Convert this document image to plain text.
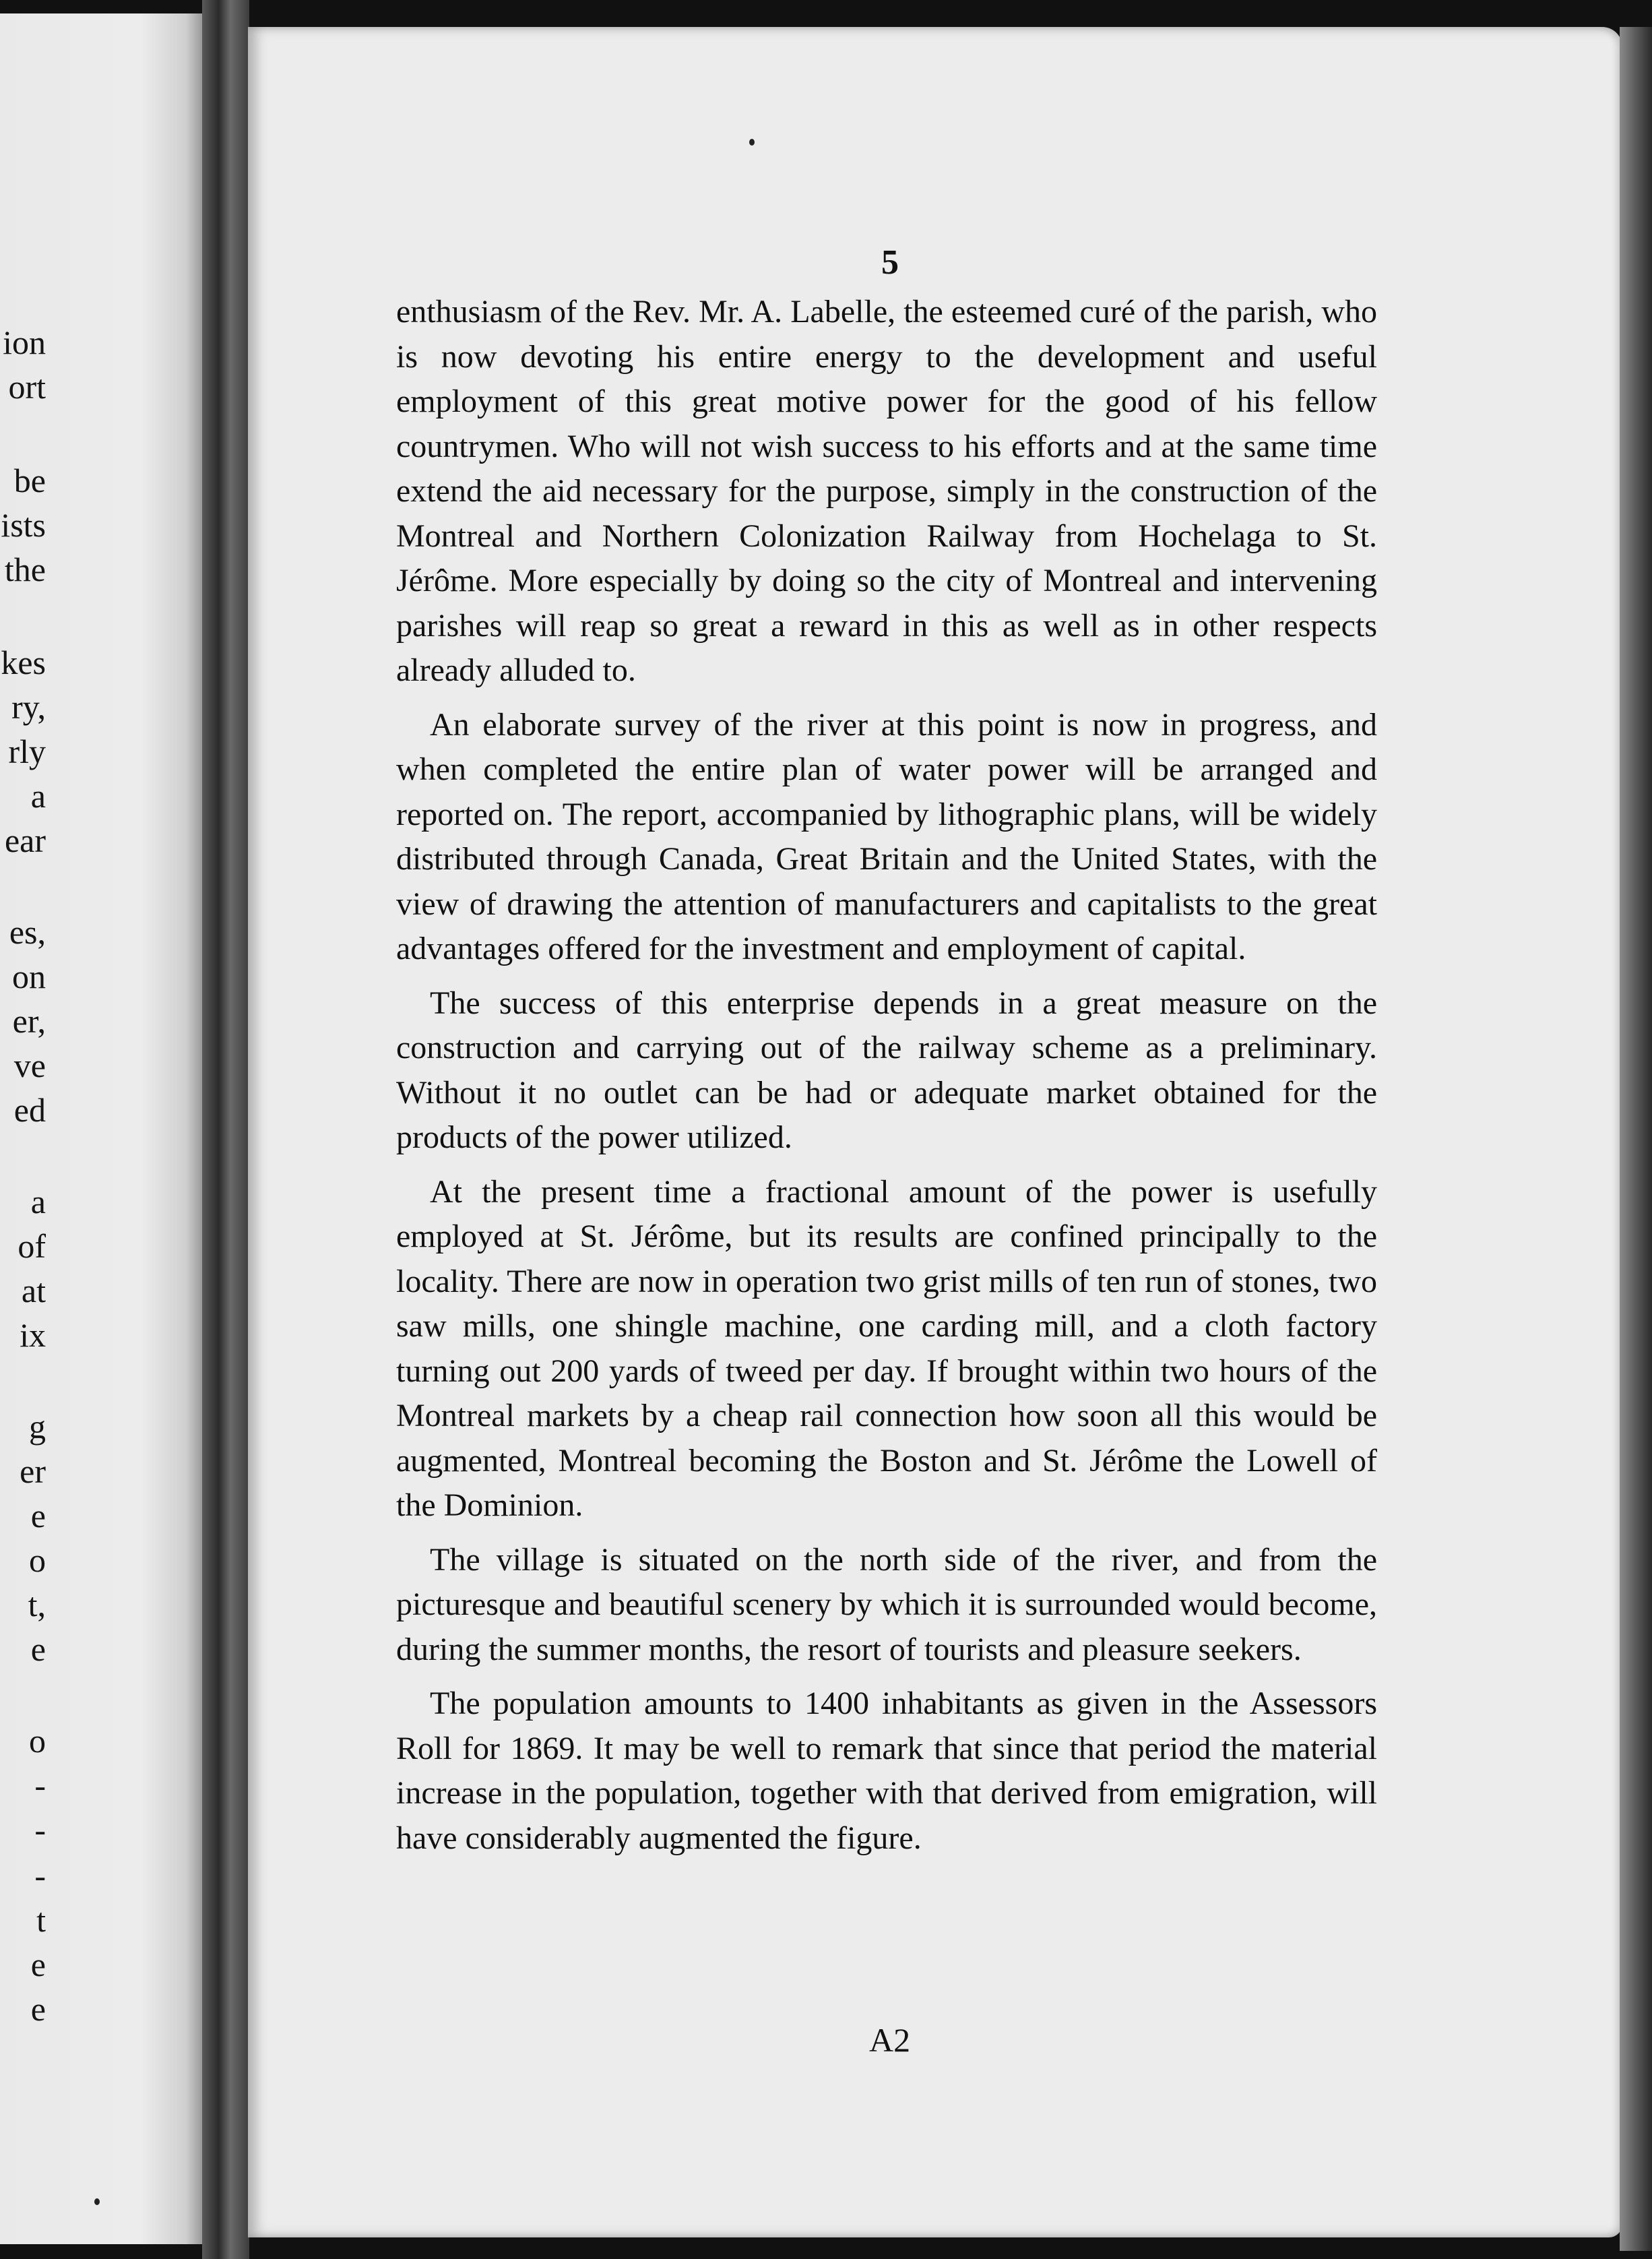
ion
ort
be
ists
the
kes
ry,
rly
a
ear
es,
on
er,
ve
ed
a
of
at
ix
g
er
e
o
t,
e
o
-
-
-
t
e
e
5

enthusiasm of the Rev. Mr. A. Labelle, the esteemed curé of the parish, who is now devoting his entire energy to the development and useful employment of this great motive power for the good of his fellow countrymen. Who will not wish success to his efforts and at the same time extend the aid necessary for the purpose, simply in the construction of the Montreal and Northern Colonization Railway from Hochelaga to St. Jérôme. More especially by doing so the city of Montreal and intervening parishes will reap so great a reward in this as well as in other respects already alluded to.

An elaborate survey of the river at this point is now in progress, and when completed the entire plan of water power will be arranged and reported on. The report, accompanied by lithographic plans, will be widely distributed through Canada, Great Britain and the United States, with the view of drawing the attention of manufacturers and capitalists to the great advantages offered for the investment and employment of capital.

The success of this enterprise depends in a great measure on the construction and carrying out of the railway scheme as a preliminary. Without it no outlet can be had or adequate market obtained for the products of the power utilized.

At the present time a fractional amount of the power is usefully employed at St. Jérôme, but its results are confined principally to the locality. There are now in operation two grist mills of ten run of stones, two saw mills, one shingle machine, one carding mill, and a cloth factory turning out 200 yards of tweed per day. If brought within two hours of the Montreal markets by a cheap rail connection how soon all this would be augmented, Montreal becoming the Boston and St. Jérôme the Lowell of the Dominion.

The village is situated on the north side of the river, and from the picturesque and beautiful scenery by which it is surrounded would become, during the summer months, the resort of tourists and pleasure seekers.

The population amounts to 1400 inhabitants as given in the Assessors Roll for 1869. It may be well to remark that since that period the material increase in the population, together with that derived from emigration, will have considerably augmented the figure.

A2
